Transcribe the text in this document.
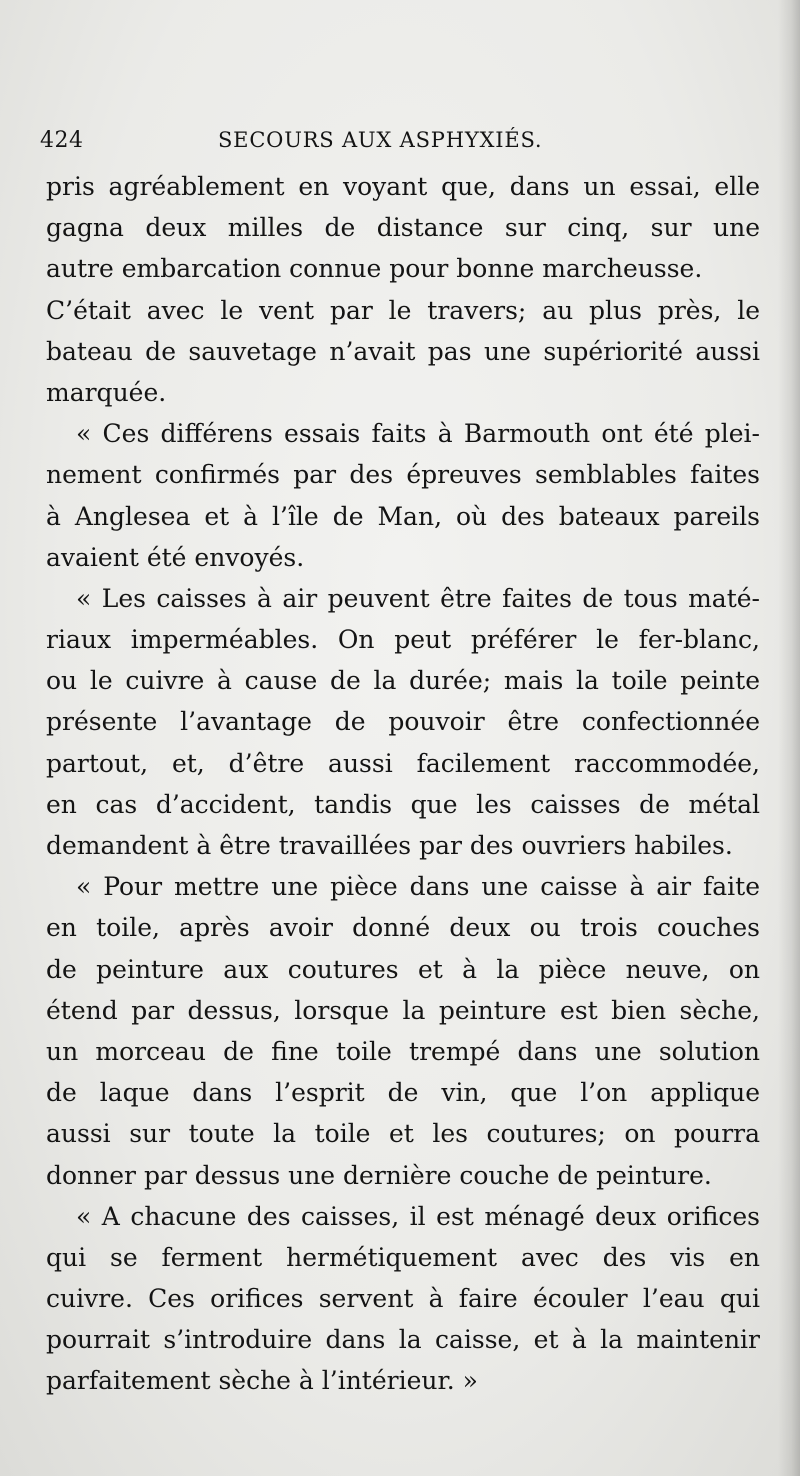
424	SECOURS AUX ASPHYXIÉS.
pris agréablement en voyant que, dans un essai, elle
gagna deux milles de distance sur cinq, sur une
autre embarcation connue pour bonne marcheusse.
C’était avec le vent par le travers; au plus près, le
bateau de sauvetage n’avait pas une supériorité aussi
marquée.
« Ces différens essais faits à Barmouth ont été plei-
nement confirmés par des épreuves semblables faites
à Anglesea et à l’île de Man, où des bateaux pareils
avaient été envoyés.
« Les caisses à air peuvent être faites de tous maté-
riaux imperméables. On peut préférer le fer-blanc,
ou le cuivre à cause de la durée; mais la toile peinte
présente l’avantage de pouvoir être confectionnée
partout, et, d’être aussi facilement raccommodée,
en cas d’accident, tandis que les caisses de métal
demandent à être travaillées par des ouvriers habiles.
« Pour mettre une pièce dans une caisse à air faite
en toile, après avoir donné deux ou trois couches
de peinture aux coutures et à la pièce neuve, on
étend par dessus, lorsque la peinture est bien sèche,
un morceau de fine toile trempé dans une solution
de laque dans l’esprit de vin, que l’on applique
aussi sur toute la toile et les coutures; on pourra
donner par dessus une dernière couche de peinture.
« A chacune des caisses, il est ménagé deux orifices
qui se ferment hermétiquement avec des vis en
cuivre. Ces orifices servent à faire écouler l’eau qui
pourrait s’introduire dans la caisse, et à la maintenir
parfaitement sèche à l’intérieur. »
